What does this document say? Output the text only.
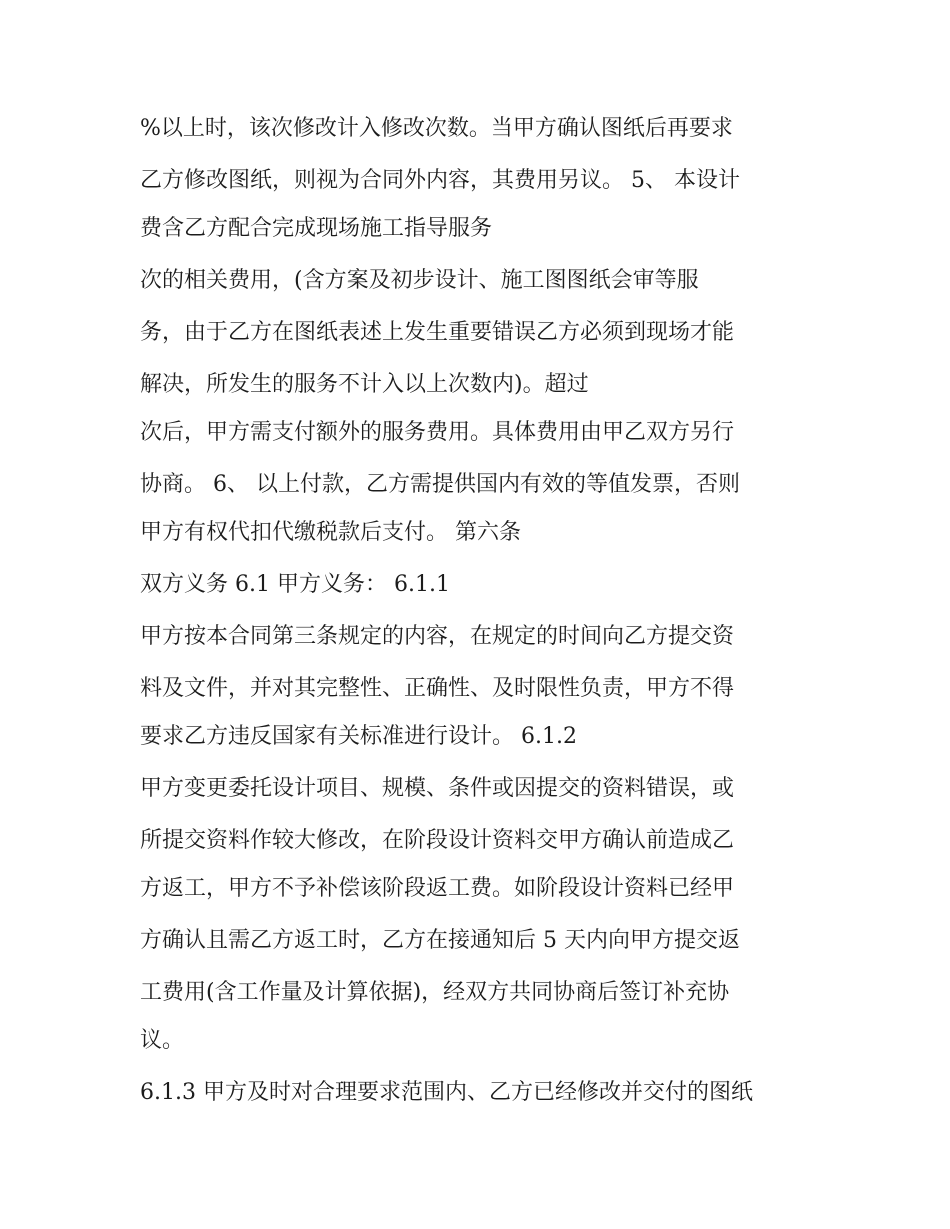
%以上时，该次修改计入修改次数。当甲方确认图纸后再要求

乙方修改图纸，则视为合同外内容，其费用另议。 5、 本设计

费含乙方配合完成现场施工指导服务

次的相关费用，(含方案及初步设计、施工图图纸会审等服

务，由于乙方在图纸表述上发生重要错误乙方必须到现场才能

解决，所发生的服务不计入以上次数内)。超过

次后，甲方需支付额外的服务费用。具体费用由甲乙双方另行

协商。 6、 以上付款，乙方需提供国内有效的等值发票，否则

甲方有权代扣代缴税款后支付。 第六条

双方义务 6.1 甲方义务： 6.1.1

甲方按本合同第三条规定的内容，在规定的时间向乙方提交资

料及文件，并对其完整性、正确性、及时限性负责，甲方不得

要求乙方违反国家有关标准进行设计。 6.1.2

甲方变更委托设计项目、规模、条件或因提交的资料错误，或

所提交资料作较大修改，在阶段设计资料交甲方确认前造成乙

方返工，甲方不予补偿该阶段返工费。如阶段设计资料已经甲

方确认且需乙方返工时，乙方在接通知后 5 天内向甲方提交返

工费用(含工作量及计算依据)，经双方共同协商后签订补充协

议。

6.1.3 甲方及时对合理要求范围内、乙方已经修改并交付的图纸
